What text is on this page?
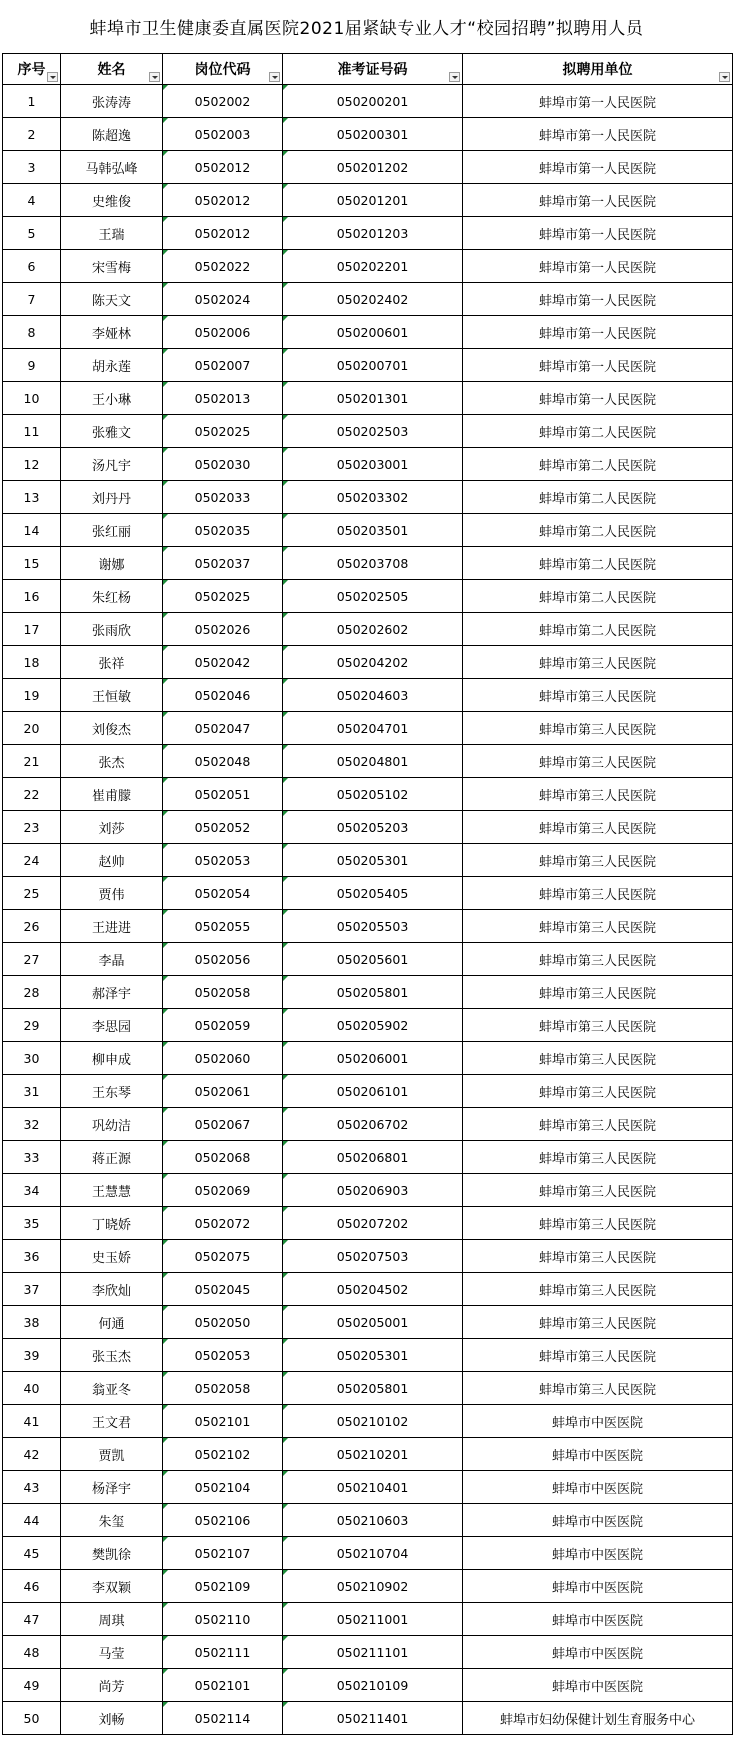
蚌埠市卫生健康委直属医院2021届紧缺专业人才“校园招聘”拟聘用人员
序号	姓名	岗位代码	准考证号码	拟聘用单位

1	张涛涛	0502002	050200201	蚌埠市第一人民医院
2	陈超逸	0502003	050200301	蚌埠市第一人民医院
3	马韩弘峰	0502012	050201202	蚌埠市第一人民医院
4	史维俊	0502012	050201201	蚌埠市第一人民医院
5	王瑞	0502012	050201203	蚌埠市第一人民医院
6	宋雪梅	0502022	050202201	蚌埠市第一人民医院
7	陈天文	0502024	050202402	蚌埠市第一人民医院
8	李娅林	0502006	050200601	蚌埠市第一人民医院
9	胡永莲	0502007	050200701	蚌埠市第一人民医院
10	王小琳	0502013	050201301	蚌埠市第一人民医院
11	张雅文	0502025	050202503	蚌埠市第二人民医院
12	汤凡宇	0502030	050203001	蚌埠市第二人民医院
13	刘丹丹	0502033	050203302	蚌埠市第二人民医院
14	张红丽	0502035	050203501	蚌埠市第二人民医院
15	谢娜	0502037	050203708	蚌埠市第二人民医院
16	朱红杨	0502025	050202505	蚌埠市第二人民医院
17	张雨欣	0502026	050202602	蚌埠市第二人民医院
18	张祥	0502042	050204202	蚌埠市第三人民医院
19	王恒敏	0502046	050204603	蚌埠市第三人民医院
20	刘俊杰	0502047	050204701	蚌埠市第三人民医院
21	张杰	0502048	050204801	蚌埠市第三人民医院
22	崔甫朦	0502051	050205102	蚌埠市第三人民医院
23	刘莎	0502052	050205203	蚌埠市第三人民医院
24	赵帅	0502053	050205301	蚌埠市第三人民医院
25	贾伟	0502054	050205405	蚌埠市第三人民医院
26	王进进	0502055	050205503	蚌埠市第三人民医院
27	李晶	0502056	050205601	蚌埠市第三人民医院
28	郝泽宇	0502058	050205801	蚌埠市第三人民医院
29	李思园	0502059	050205902	蚌埠市第三人民医院
30	柳申成	0502060	050206001	蚌埠市第三人民医院
31	王东琴	0502061	050206101	蚌埠市第三人民医院
32	巩幼洁	0502067	050206702	蚌埠市第三人民医院
33	蒋正源	0502068	050206801	蚌埠市第三人民医院
34	王慧慧	0502069	050206903	蚌埠市第三人民医院
35	丁晓娇	0502072	050207202	蚌埠市第三人民医院
36	史玉娇	0502075	050207503	蚌埠市第三人民医院
37	李欣灿	0502045	050204502	蚌埠市第三人民医院
38	何通	0502050	050205001	蚌埠市第三人民医院
39	张玉杰	0502053	050205301	蚌埠市第三人民医院
40	翁亚冬	0502058	050205801	蚌埠市第三人民医院
41	王文君	0502101	050210102	蚌埠市中医医院
42	贾凯	0502102	050210201	蚌埠市中医医院
43	杨泽宇	0502104	050210401	蚌埠市中医医院
44	朱玺	0502106	050210603	蚌埠市中医医院
45	樊凯徐	0502107	050210704	蚌埠市中医医院
46	李双颖	0502109	050210902	蚌埠市中医医院
47	周琪	0502110	050211001	蚌埠市中医医院
48	马莹	0502111	050211101	蚌埠市中医医院
49	尚芳	0502101	050210109	蚌埠市中医医院
50	刘畅	0502114	050211401	蚌埠市妇幼保健计划生育服务中心
